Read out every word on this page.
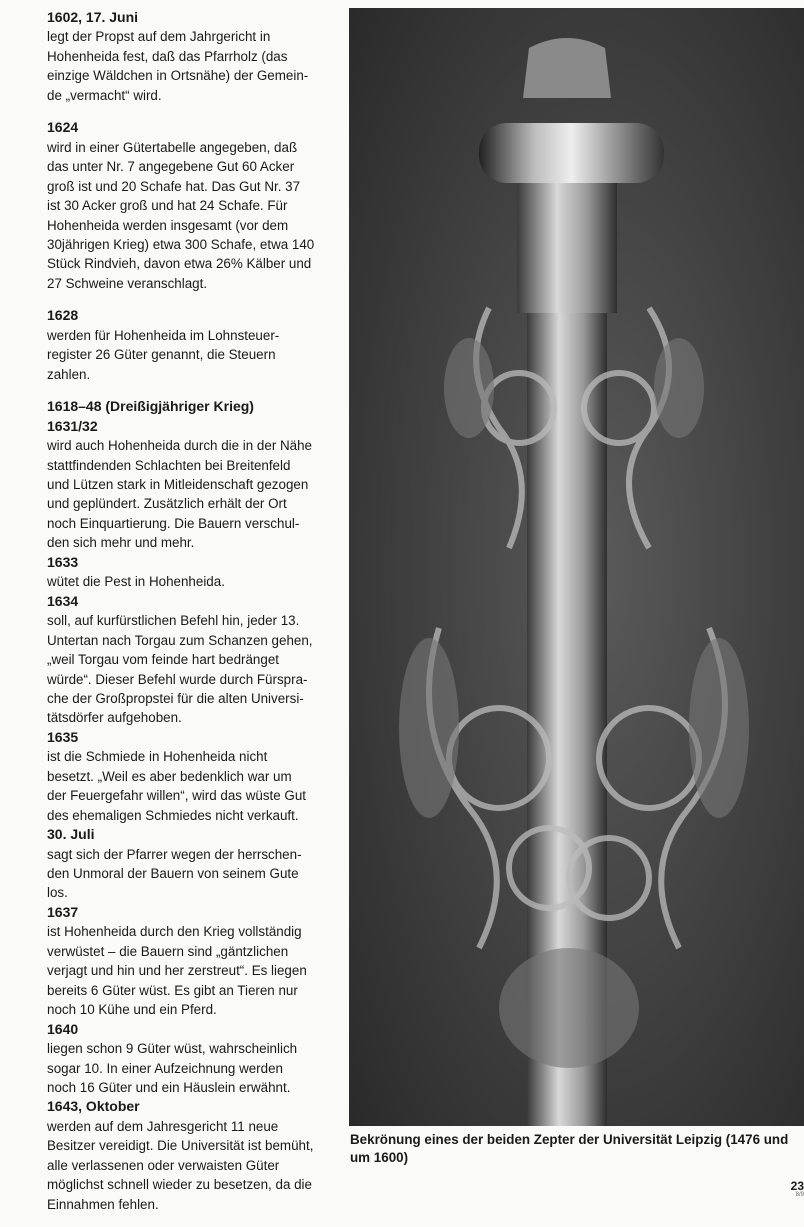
1602, 17. Juni
legt der Propst auf dem Jahrgericht in
Hohenheida fest, daß das Pfarrholz (das
einzige Wäldchen in Ortsnähe) der Gemein-
de „vermacht“ wird.
1624
wird in einer Gütertabelle angegeben, daß
das unter Nr. 7 angegebene Gut 60 Acker
groß ist und 20 Schafe hat. Das Gut Nr. 37
ist 30 Acker groß und hat 24 Schafe. Für
Hohenheida werden insgesamt (vor dem
30jährigen Krieg) etwa 300 Schafe, etwa 140
Stück Rindvieh, davon etwa 26% Kälber und
27 Schweine veranschlagt.
1628
werden für Hohenheida im Lohnsteuer-
register 26 Güter genannt, die Steuern
zahlen.
1618–48 (Dreißigjähriger Krieg)
1631/32
wird auch Hohenheida durch die in der Nähe
stattfindenden Schlachten bei Breitenfeld
und Lützen stark in Mitleidenschaft gezogen
und geplündert. Zusätzlich erhält der Ort
noch Einquartierung. Die Bauern verschul-
den sich mehr und mehr.
1633
wütet die Pest in Hohenheida.
1634
soll, auf kurfürstlichen Befehl hin, jeder 13.
Untertan nach Torgau zum Schanzen gehen,
„weil Torgau vom feinde hart bedränget
würde“. Dieser Befehl wurde durch Fürspra-
che der Großpropstei für die alten Universi-
tätsdörfer aufgehoben.
1635
ist die Schmiede in Hohenheida nicht
besetzt. „Weil es aber bedenklich war um
der Feuergefahr willen“, wird das wüste Gut
des ehemaligen Schmiedes nicht verkauft.
30. Juli
sagt sich der Pfarrer wegen der herrschen-
den Unmoral der Bauern von seinem Gute
los.
1637
ist Hohenheida durch den Krieg vollständig
verwüstet – die Bauern sind „gäntzlichen
verjagt und hin und her zerstreut“. Es liegen
bereits 6 Güter wüst. Es gibt an Tieren nur
noch 10 Kühe und ein Pferd.
1640
liegen schon 9 Güter wüst, wahrscheinlich
sogar 10. In einer Aufzeichnung werden
noch 16 Güter und ein Häuslein erwähnt.
1643, Oktober
werden auf dem Jahresgericht 11 neue
Besitzer vereidigt. Die Universität ist bemüht,
alle verlassenen oder verwaisten Güter
möglichst schnell wieder zu besetzen, da die
Einnahmen fehlen.
Bekrönung eines der beiden Zepter der Universität Leipzig (1476 und um 1600)
23
8/9
